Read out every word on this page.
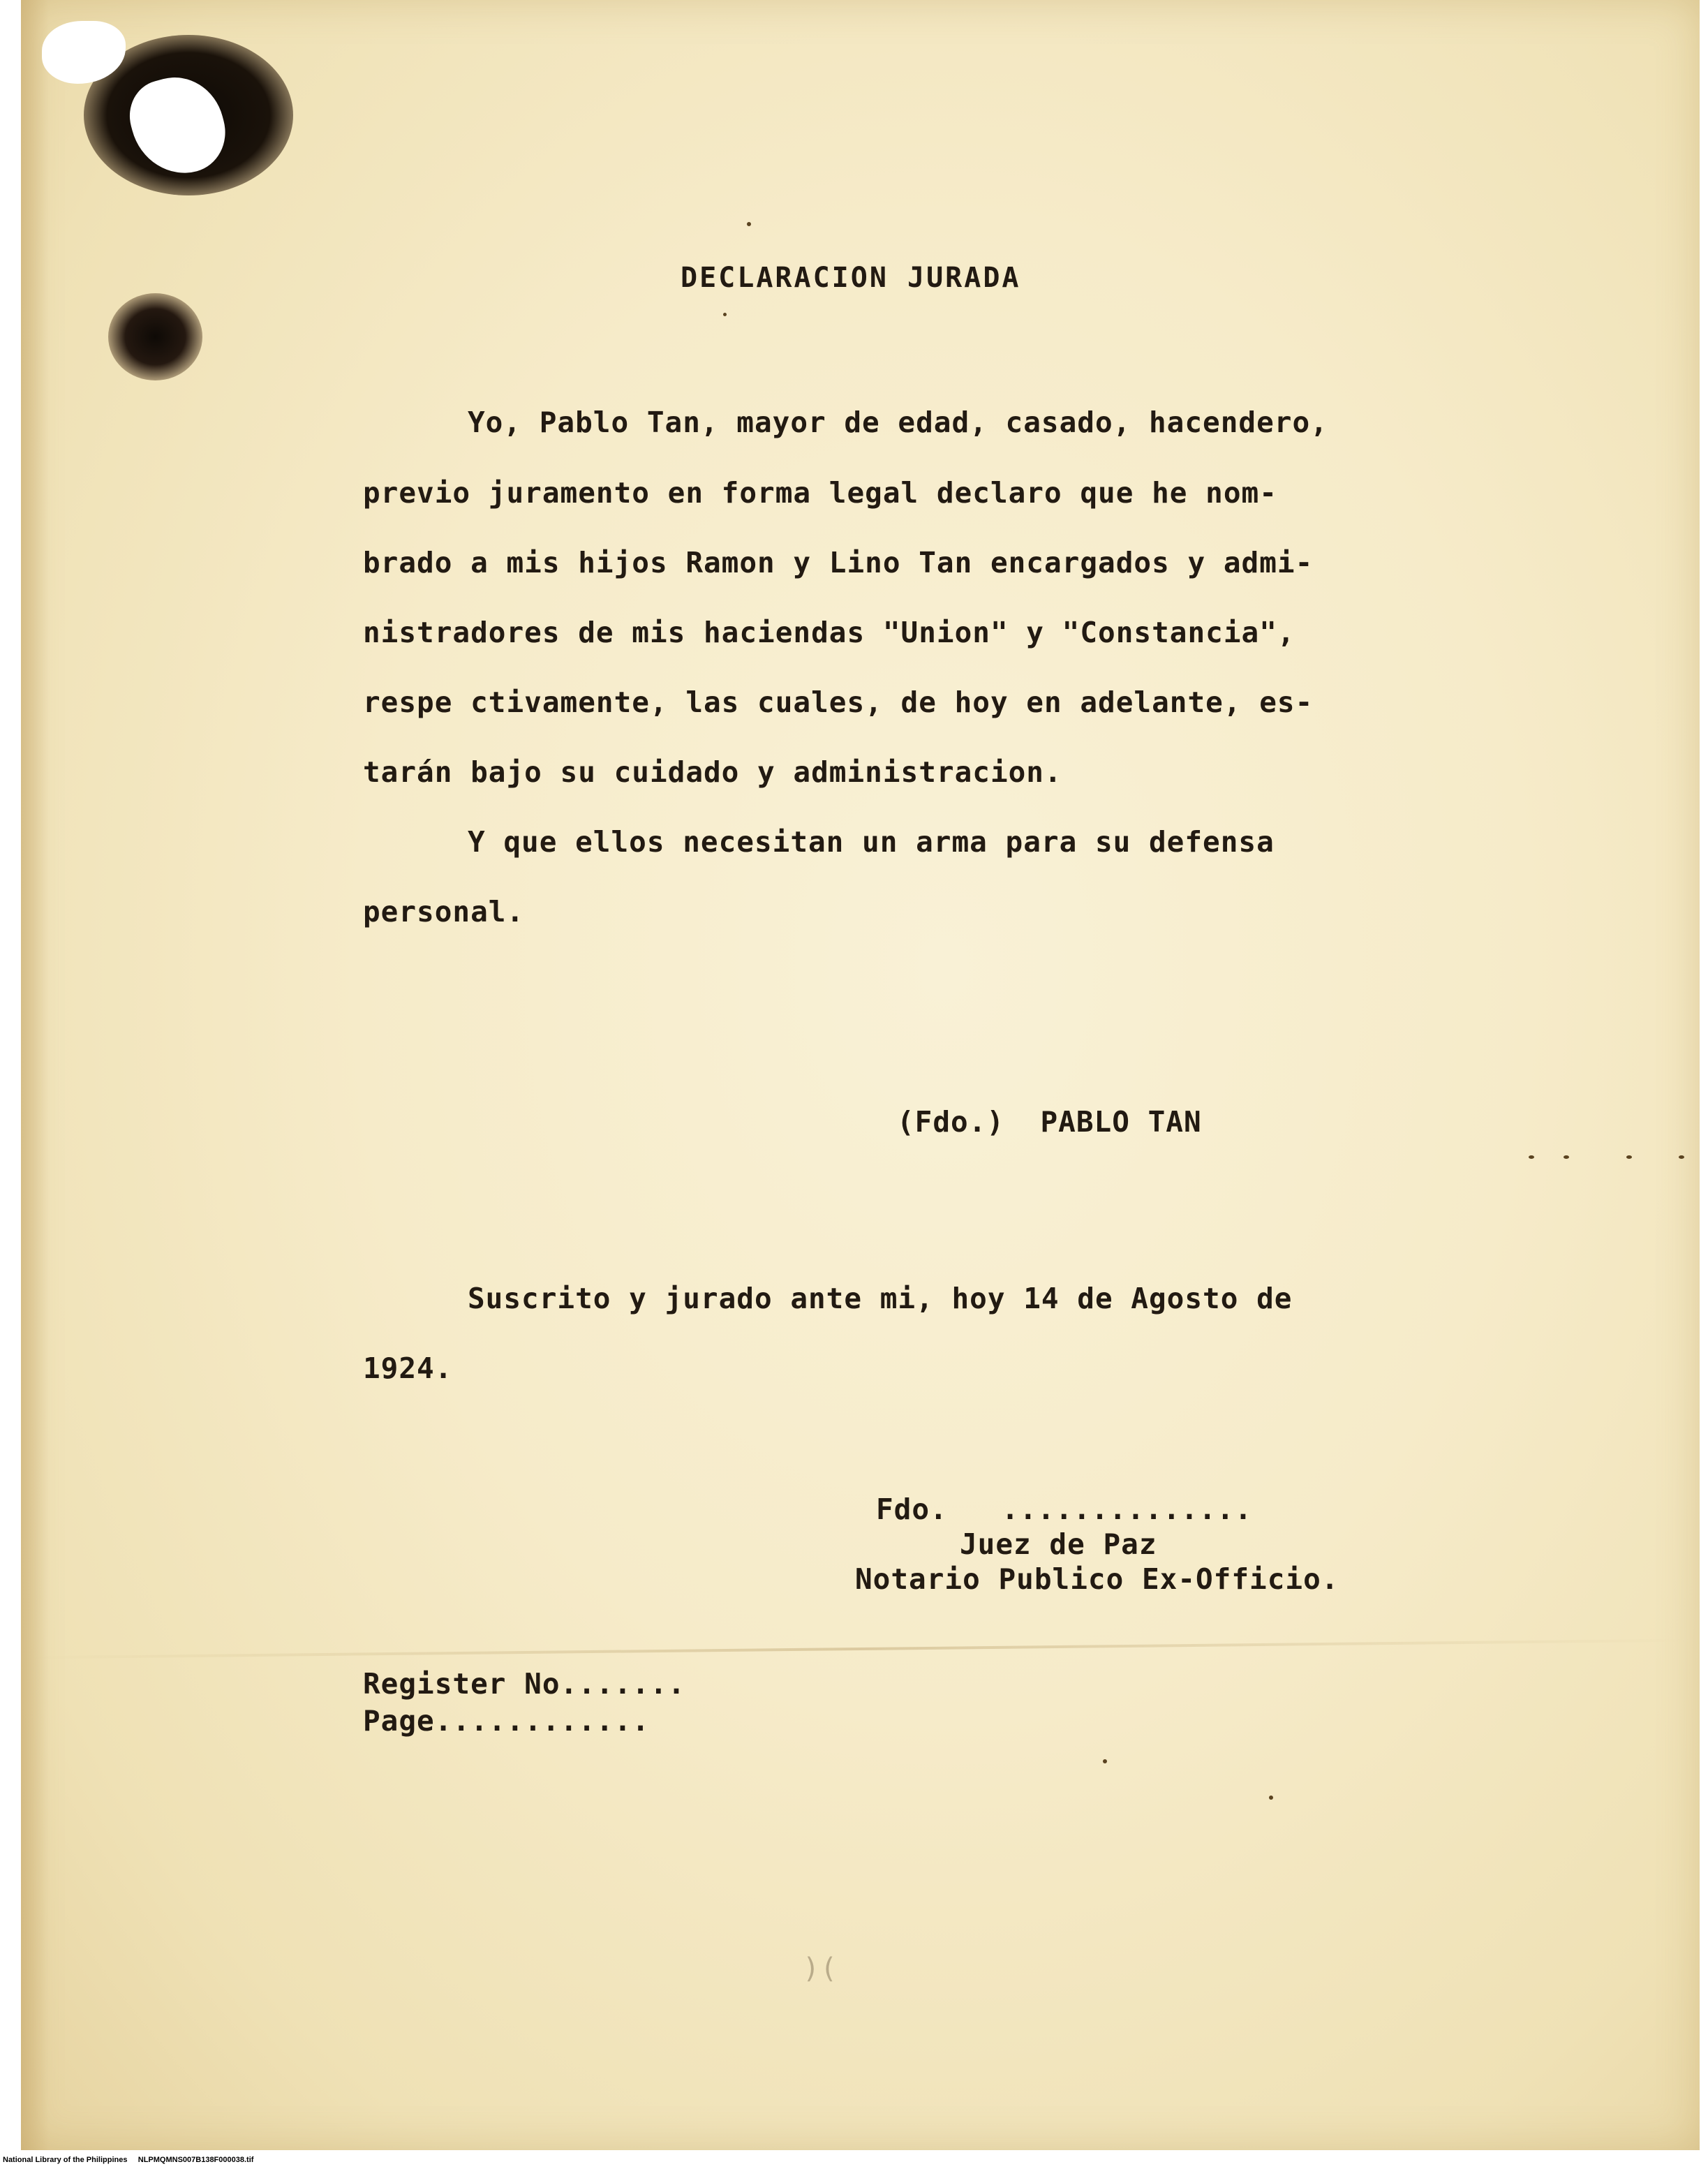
DECLARACION JURADA
Yo, Pablo Tan, mayor de edad, casado, hacendero,
previo juramento en forma legal declaro que he nom-
brado a mis hijos Ramon y Lino Tan encargados y admi-
nistradores de mis haciendas "Union" y "Constancia",
respe ctivamente, las cuales, de hoy en adelante, es-
tarán bajo su cuidado y administracion.
Y que ellos necesitan un arma para su defensa
personal.
(Fdo.)  PABLO TAN
Suscrito y jurado ante mi, hoy 14 de Agosto de
1924.
Fdo.   ..............
Juez de Paz
Notario Publico Ex-Officio.
Register No.......
Page............
)(
National Library of the Philippines     NLPMQMNS007B138F000038.tif
